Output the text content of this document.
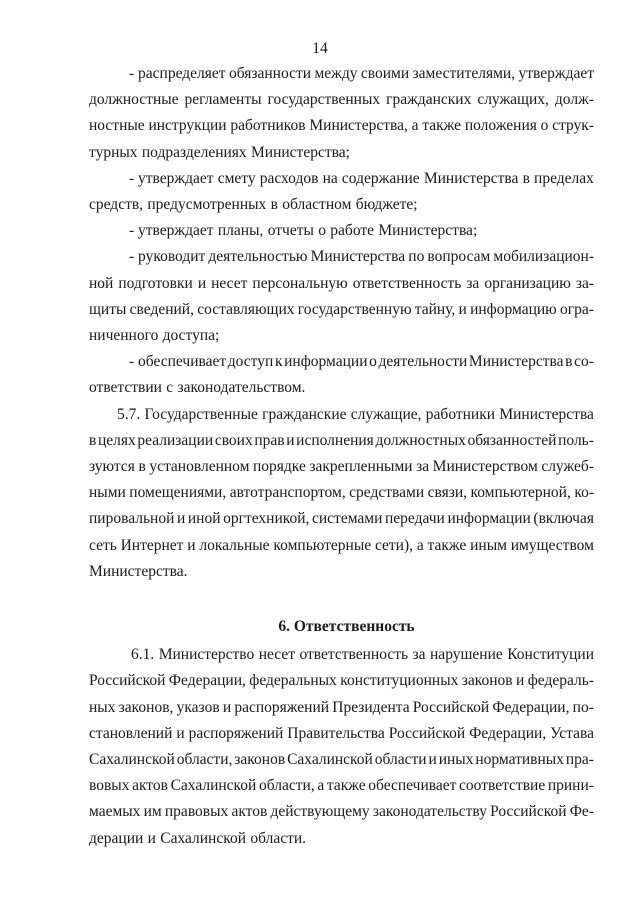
14
- распределяет обязанности между своими заместителями, утверждает
должностные регламенты государственных гражданских служащих, долж-
ностные инструкции работников Министерства, а также положения о струк-
турных подразделениях Министерства;
- утверждает смету расходов на содержание Министерства в пределах
средств, предусмотренных в областном бюджете;
- утверждает планы, отчеты о работе Министерства;
- руководит деятельностью Министерства по вопросам мобилизацион-
ной подготовки и несет персональную ответственность за организацию за-
щиты сведений, составляющих государственную тайну, и информацию огра-
ниченного доступа;
- обеспечивает доступ к информации о деятельности Министерства в со-
ответствии с законодательством.
5.7. Государственные гражданские служащие, работники Министерства
в целях реализации своих прав и исполнения должностных обязанностей поль-
зуются в установленном порядке закрепленными за Министерством служеб-
ными помещениями, автотранспортом, средствами связи, компьютерной, ко-
пировальной и иной оргтехникой, системами передачи информации (включая
сеть Интернет и локальные компьютерные сети), а также иным имуществом
Министерства.
6. Ответственность
6.1. Министерство несет ответственность за нарушение Конституции
Российской Федерации, федеральных конституционных законов и федераль-
ных законов, указов и распоряжений Президента Российской Федерации, по-
становлений и распоряжений Правительства Российской Федерации, Устава
Сахалинской области, законов Сахалинской области и иных нормативных пра-
вовых актов Сахалинской области, а также обеспечивает соответствие прини-
маемых им правовых актов действующему законодательству Российской Фе-
дерации и Сахалинской области.
